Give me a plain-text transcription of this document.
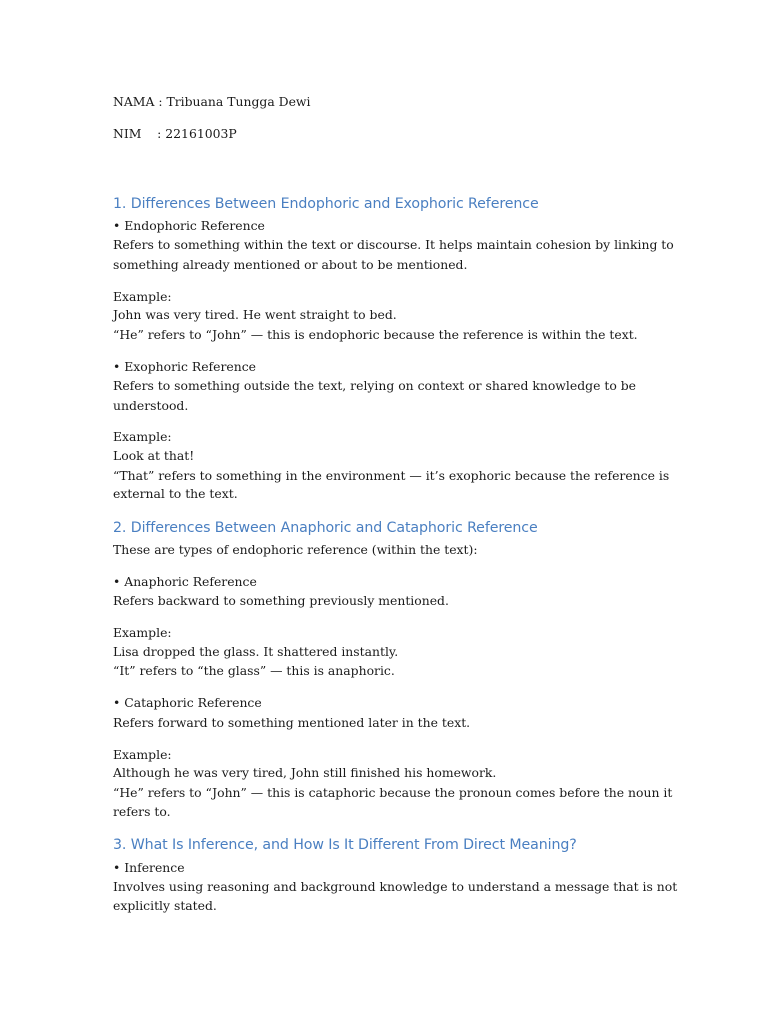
NAMA : Tribuana Tungga Dewi
NIM    : 22161003P
1. Differences Between Endophoric and Exophoric Reference
• Endophoric Reference
Refers to something within the text or discourse. It helps maintain cohesion by linking to
something already mentioned or about to be mentioned.
Example:
John was very tired. He went straight to bed.
“He” refers to “John” — this is endophoric because the reference is within the text.
• Exophoric Reference
Refers to something outside the text, relying on context or shared knowledge to be
understood.
Example:
Look at that!
“That” refers to something in the environment — it’s exophoric because the reference is
external to the text.
2. Differences Between Anaphoric and Cataphoric Reference
These are types of endophoric reference (within the text):
• Anaphoric Reference
Refers backward to something previously mentioned.
Example:
Lisa dropped the glass. It shattered instantly.
“It” refers to “the glass” — this is anaphoric.
• Cataphoric Reference
Refers forward to something mentioned later in the text.
Example:
Although he was very tired, John still finished his homework.
“He” refers to “John” — this is cataphoric because the pronoun comes before the noun it
refers to.
3. What Is Inference, and How Is It Different From Direct Meaning?
• Inference
Involves using reasoning and background knowledge to understand a message that is not
explicitly stated.
